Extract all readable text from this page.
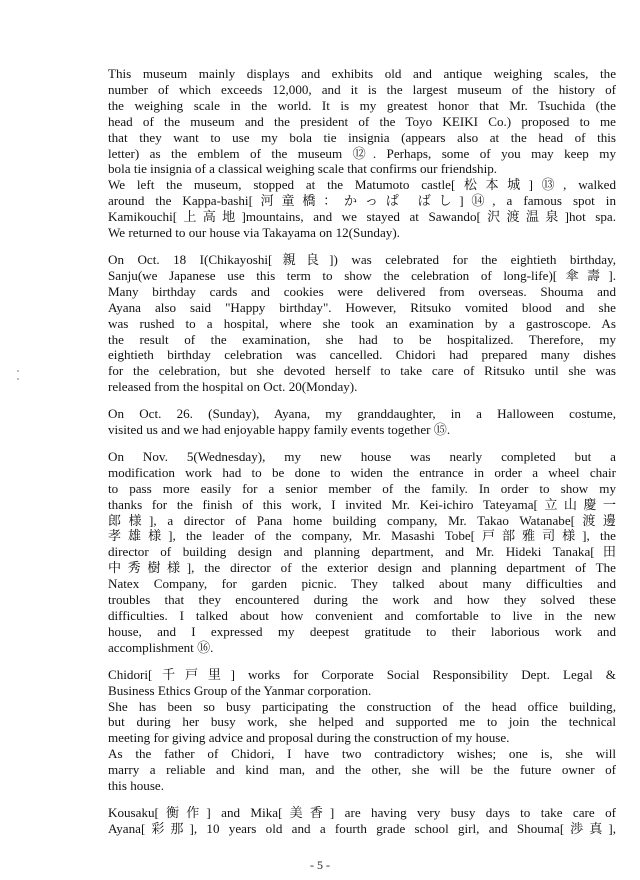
This museum mainly displays and exhibits old and antique weighing scales, the
number of which exceeds 12,000, and it is the largest museum of the history of
the weighing scale in the world. It is my greatest honor that Mr. Tsuchida (the
head of the museum and the president of the Toyo KEIKI Co.) proposed to me
that they want to use my bola tie insignia (appears also at the head of this
letter) as the emblem of the museum ⑫. Perhaps, some of you may keep my
bola tie insignia of a classical weighing scale that confirms our friendship.
We left the museum, stopped at the Matumoto castle[松本城]⑬, walked
around the Kappa-bashi[河童橋：かっぱ ばし]⑭, a famous spot in
Kamikouchi[上高地]mountains, and we stayed at Sawando[沢渡温泉]hot spa.
We returned to our house via Takayama on 12(Sunday).
On Oct. 18 I(Chikayoshi[親良]) was celebrated for the eightieth birthday,
Sanju(we Japanese use this term to show the celebration of long-life)[傘壽].
Many birthday cards and cookies were delivered from overseas. Shouma and
Ayana also said "Happy birthday". However, Ritsuko vomited blood and she
was rushed to a hospital, where she took an examination by a gastroscope. As
the result of the examination, she had to be hospitalized. Therefore, my
eightieth birthday celebration was cancelled. Chidori had prepared many dishes
for the celebration, but she devoted herself to take care of Ritsuko until she was
released from the hospital on Oct. 20(Monday).
On Oct. 26. (Sunday), Ayana, my granddaughter, in a Halloween costume,
visited us and we had enjoyable happy family events together ⑮.
On Nov. 5(Wednesday), my new house was nearly completed but a
modification work had to be done to widen the entrance in order a wheel chair
to pass more easily for a senior member of the family. In order to show my
thanks for the finish of this work, I invited Mr. Kei-ichiro Tateyama[立山慶一
郎様], a director of Pana home building company, Mr. Takao Watanabe[渡邊
孝雄様], the leader of the company, Mr. Masashi Tobe[戸部雅司様], the
director of building design and planning department, and Mr. Hideki Tanaka[田
中秀樹様], the director of the exterior design and planning department of The
Natex Company, for garden picnic. They talked about many difficulties and
troubles that they encountered during the work and how they solved these
difficulties. I talked about how convenient and comfortable to live in the new
house, and I expressed my deepest gratitude to their laborious work and
accomplishment ⑯.
Chidori[千戸里] works for Corporate Social Responsibility Dept. Legal &
Business Ethics Group of the Yanmar corporation.
She has been so busy participating the construction of the head office building,
but during her busy work, she helped and supported me to join the technical
meeting for giving advice and proposal during the construction of my house.
As the father of Chidori, I have two contradictory wishes; one is, she will
marry a reliable and kind man, and the other, she will be the future owner of
this house.
Kousaku[衡作] and Mika[美香] are having very busy days to take care of
Ayana[彩那], 10 years old and a fourth grade school girl, and Shouma[渉真],
- 5 -
